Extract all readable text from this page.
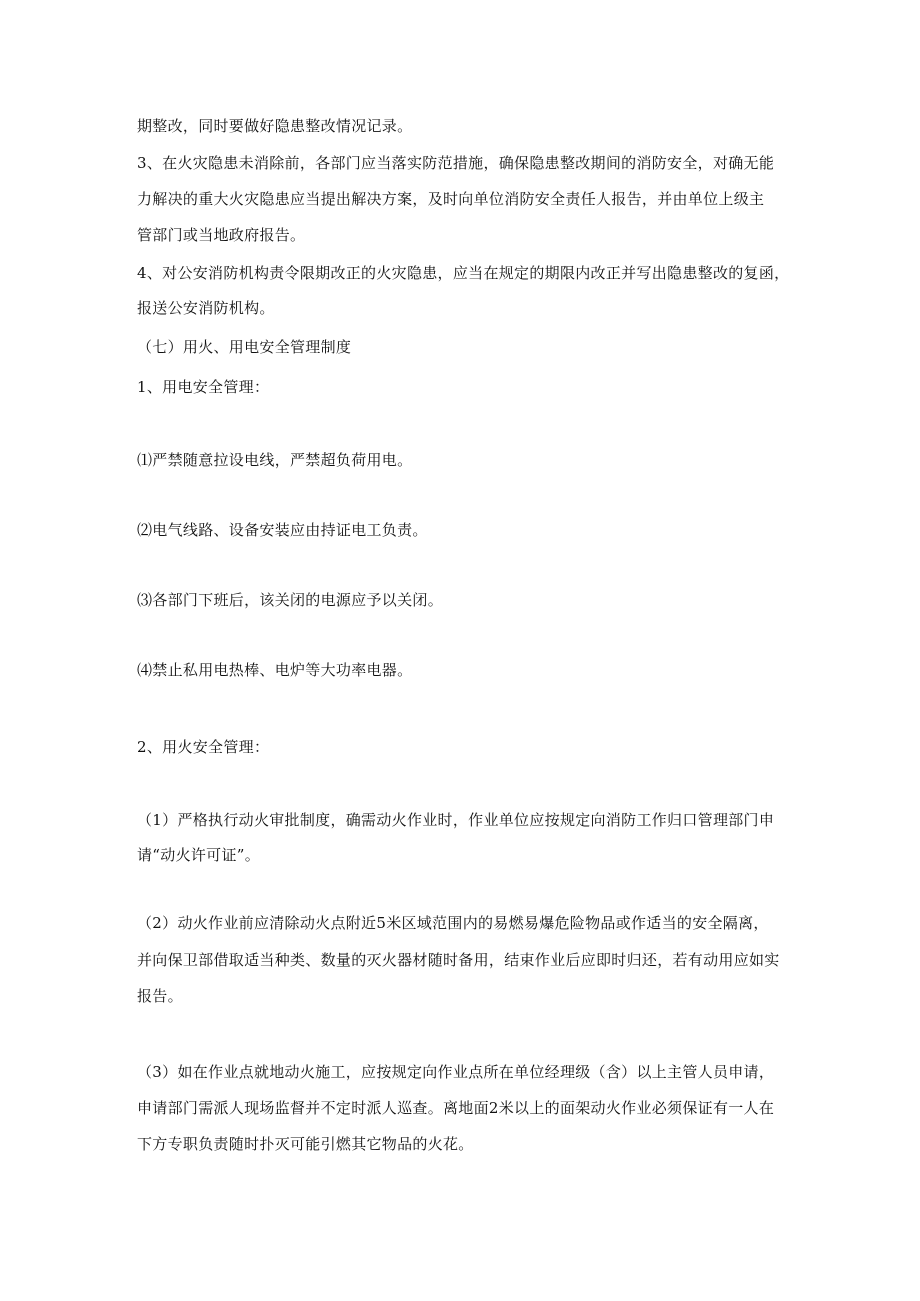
期整改，同时要做好隐患整改情况记录。
3、在火灾隐患未消除前，各部门应当落实防范措施，确保隐患整改期间的消防安全，对确无能
力解决的重大火灾隐患应当提出解决方案，及时向单位消防安全责任人报告，并由单位上级主
管部门或当地政府报告。
4、对公安消防机构责令限期改正的火灾隐患，应当在规定的期限内改正并写出隐患整改的复函，
报送公安消防机构。
（七）用火、用电安全管理制度
1、用电安全管理：
⑴严禁随意拉设电线，严禁超负荷用电。
⑵电气线路、设备安装应由持证电工负责。
⑶各部门下班后，该关闭的电源应予以关闭。
⑷禁止私用电热棒、电炉等大功率电器。
2、用火安全管理：
（1）严格执行动火审批制度，确需动火作业时，作业单位应按规定向消防工作归口管理部门申
请“动火许可证”。
（2）动火作业前应清除动火点附近5米区域范围内的易燃易爆危险物品或作适当的安全隔离，
并向保卫部借取适当种类、数量的灭火器材随时备用，结束作业后应即时归还，若有动用应如实
报告。
（3）如在作业点就地动火施工，应按规定向作业点所在单位经理级（含）以上主管人员申请，
申请部门需派人现场监督并不定时派人巡查。离地面2米以上的面架动火作业必须保证有一人在
下方专职负责随时扑灭可能引燃其它物品的火花。
